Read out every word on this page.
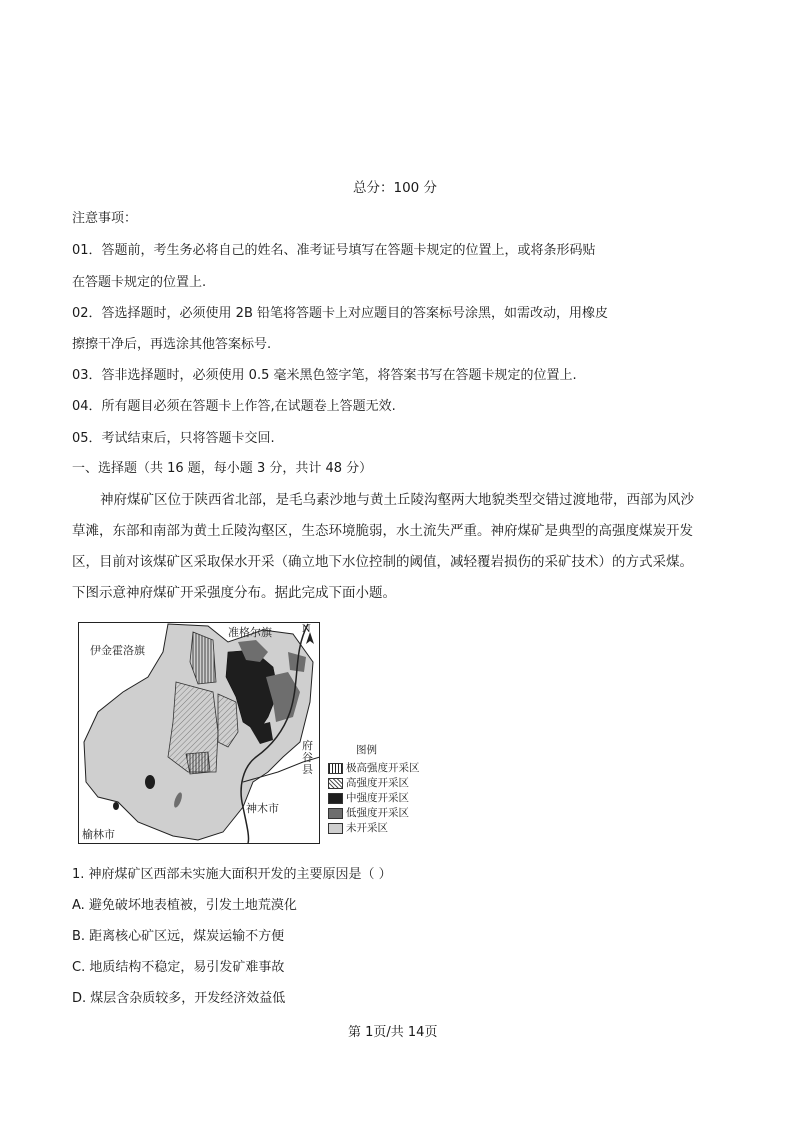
总分：100 分
注意事项：
01．答题前，考生务必将自己的姓名、准考证号填写在答题卡规定的位置上，或将条形码贴
在答题卡规定的位置上.
02．答选择题时，必须使用 2B 铅笔将答题卡上对应题目的答案标号涂黑，如需改动，用橡皮
擦擦干净后，再选涂其他答案标号.
03．答非选择题时，必须使用 0.5 毫米黑色签字笔，将答案书写在答题卡规定的位置上.
04．所有题目必须在答题卡上作答,在试题卷上答题无效.
05．考试结束后，只将答题卡交回.
一、选择题（共 16 题，每小题 3 分，共计 48 分）
神府煤矿区位于陕西省北部，是毛乌素沙地与黄土丘陵沟壑两大地貌类型交错过渡地带，西部为风沙
草滩，东部和南部为黄土丘陵沟壑区，生态环境脆弱，水土流失严重。神府煤矿是典型的高强度煤炭开发
区，目前对该煤矿区采取保水开采（确立地下水位控制的阈值，减轻覆岩损伤的采矿技术）的方式采煤。
下图示意神府煤矿开采强度分布。据此完成下面小题。
伊金霍洛旗
准格尔旗	N
府谷县
神木市
榆林市
图例
极高强度开采区
高强度开采区
中强度开采区
低强度开采区
未开采区
1. 神府煤矿区西部未实施大面积开发的主要原因是（ ）
A. 避免破坏地表植被，引发土地荒漠化
B. 距离核心矿区远，煤炭运输不方便
C. 地质结构不稳定，易引发矿难事故
D. 煤层含杂质较多，开发经济效益低
第 1页/共 14页
